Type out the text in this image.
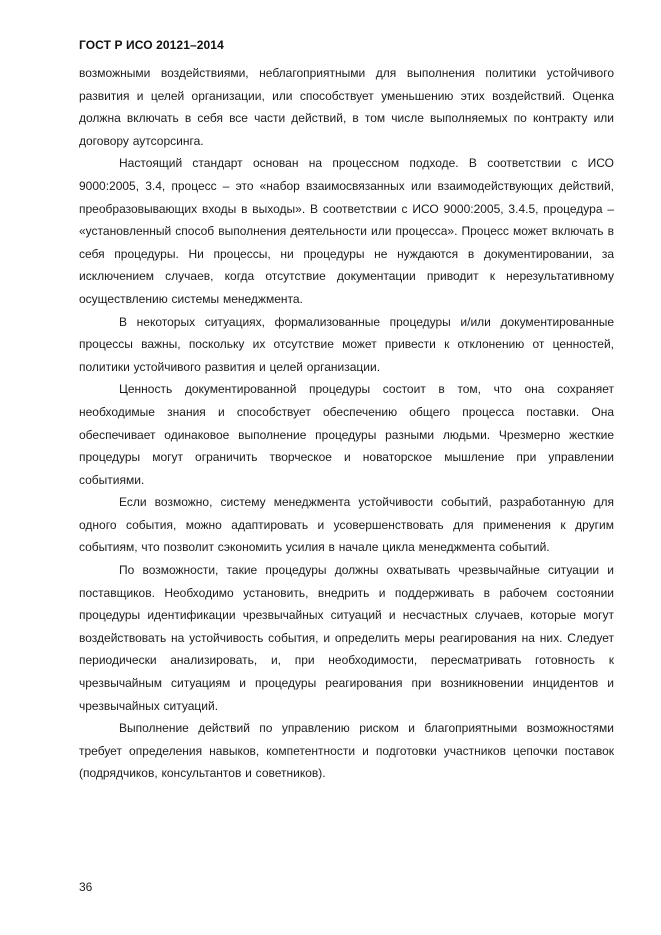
ГОСТ Р ИСО 20121–2014

возможными воздействиями, неблагоприятными для выполнения политики устойчивого развития и целей организации, или способствует уменьшению этих воздействий. Оценка должна включать в себя все части действий, в том числе выполняемых по контракту или договору аутсорсинга.

Настоящий стандарт основан на процессном подходе. В соответствии с ИСО 9000:2005, 3.4, процесс – это «набор взаимосвязанных или взаимодействующих действий, преобразовывающих входы в выходы». В соответствии с ИСО 9000:2005, 3.4.5, процедура – «установленный способ выполнения деятельности или процесса». Процесс может включать в себя процедуры. Ни процессы, ни процедуры не нуждаются в документировании, за исключением случаев, когда отсутствие документации приводит к нерезультативному осуществлению системы менеджмента.

В некоторых ситуациях, формализованные процедуры и/или документированные процессы важны, поскольку их отсутствие может привести к отклонению от ценностей, политики устойчивого развития и целей организации.

Ценность документированной процедуры состоит в том, что она сохраняет необходимые знания и способствует обеспечению общего процесса поставки. Она обеспечивает одинаковое выполнение процедуры разными людьми. Чрезмерно жесткие процедуры могут ограничить творческое и новаторское мышление при управлении событиями.

Если возможно, систему менеджмента устойчивости событий, разработанную для одного события, можно адаптировать и усовершенствовать для применения к другим событиям, что позволит сэкономить усилия в начале цикла менеджмента событий.

По возможности, такие процедуры должны охватывать чрезвычайные ситуации и поставщиков. Необходимо установить, внедрить и поддерживать в рабочем состоянии процедуры идентификации чрезвычайных ситуаций и несчастных случаев, которые могут воздействовать на устойчивость события, и определить меры реагирования на них. Следует периодически анализировать, и, при необходимости, пересматривать готовность к чрезвычайным ситуациям и процедуры реагирования при возникновении инцидентов и чрезвычайных ситуаций.

Выполнение действий по управлению риском и благоприятными возможностями требует определения навыков, компетентности и подготовки участников цепочки поставок (подрядчиков, консультантов и советников).

36
